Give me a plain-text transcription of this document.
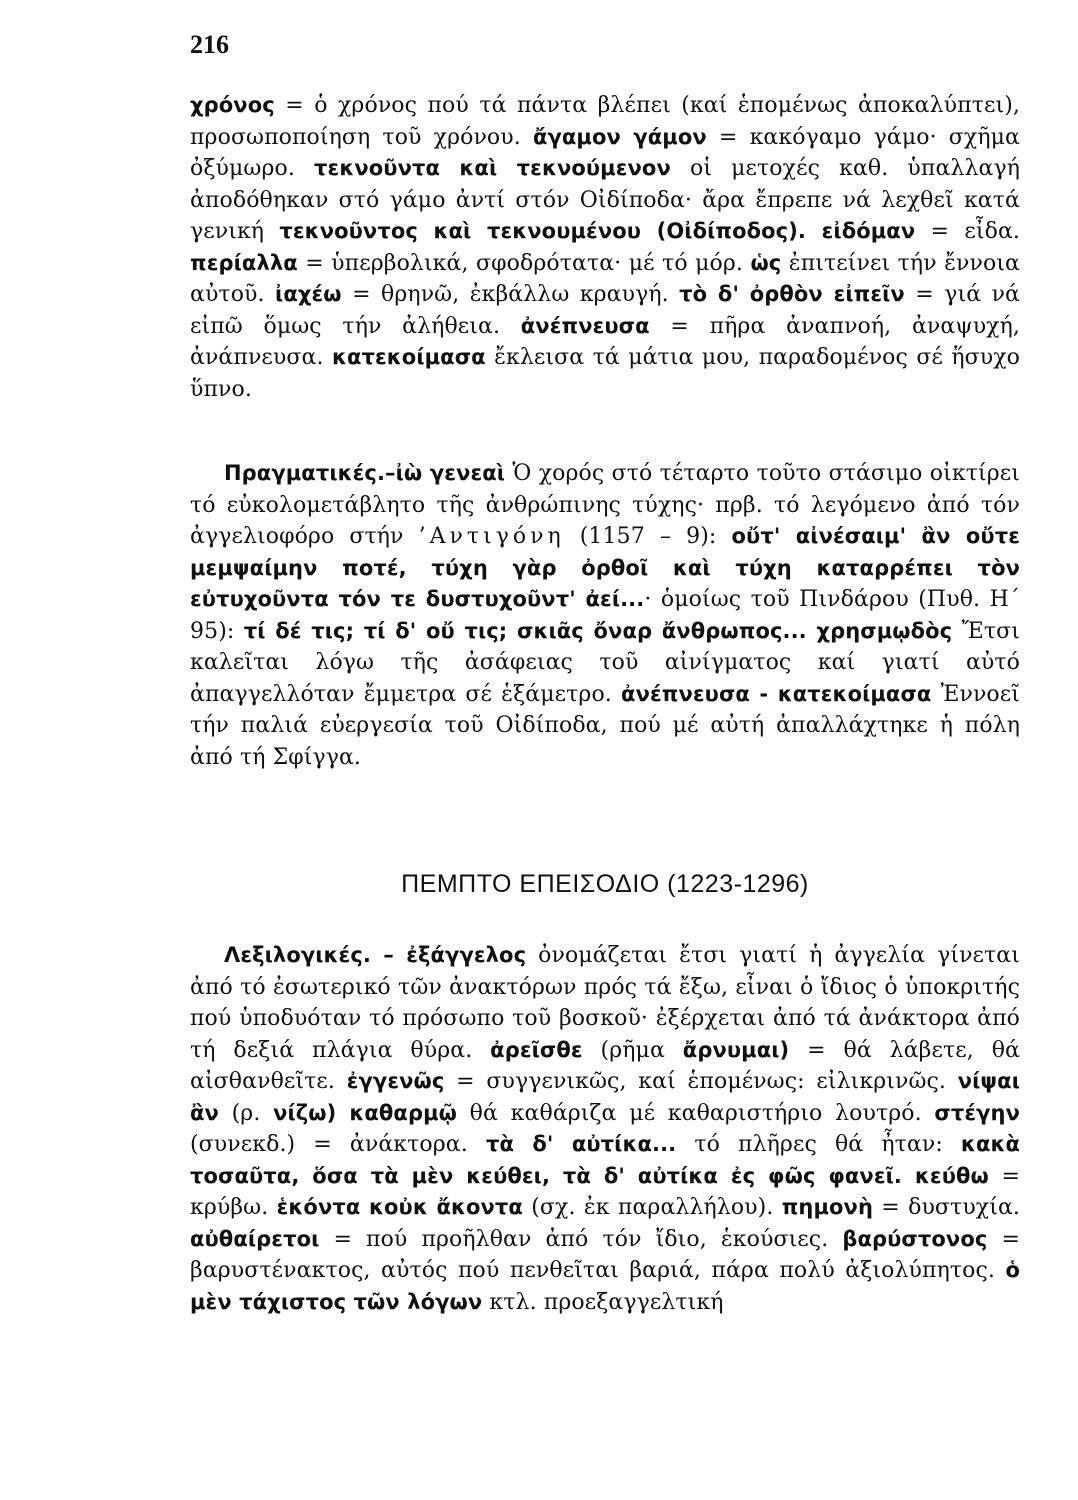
216

χρόνος = ὁ χρόνος πού τά πάντα βλέπει (καί ἑπομένως ἀποκαλύπτει), προσωποποίηση τοῦ χρόνου. ἄγαμον γάμον = κακόγαμο γάμο· σχῆμα ὀξύμωρο. τεκνοῦντα καὶ τεκνούμενον οἱ μετοχές καθ. ὑπαλλαγή ἀποδόθηκαν στό γάμο ἀντί στόν Οἰδίποδα· ἄρα ἔπρεπε νά λεχθεῖ κατά γενική τεκνοῦντος καὶ τεκνουμένου (Οἰδίποδος). εἰδόμαν = εἶδα. περίαλλα = ὑπερβολικά, σφοδρότατα· μέ τό μόρ. ὡς ἐπιτείνει τήν ἔννοια αὐτοῦ. ἰαχέω = θρηνῶ, ἐκβάλλω κραυγή. τὸ δ' ὀρθὸν εἰπεῖν = γιά νά εἰπῶ ὅμως τήν ἀλήθεια. ἀνέπνευσα = πῆρα ἀναπνοή, ἀναψυχή, ἀνάπνευσα. κατεκοίμασα ἔκλεισα τά μάτια μου, παραδομένος σέ ἥσυχο ὕπνο.

Πραγματικές.–ἰὼ γενεαὶ Ὁ χορός στό τέταρτο τοῦτο στάσιμο οἰκτίρει τό εὐκολομετάβλητο τῆς ἀνθρώπινης τύχης· πρβ. τό λεγόμενο ἀπό τόν ἀγγελιοφόρο στήν ’Αντιγόνη (1157 – 9): οὔτ' αἰνέσαιμ' ἂν οὔτε μεμψαίμην ποτέ, τύχη γὰρ ὀρθοῖ καὶ τύχη καταρρέπει τὸν εὐτυχοῦντα τόν τε δυστυχοῦντ' ἀεί...· ὁμοίως τοῦ Πινδάρου (Πυθ. Η΄ 95): τί δέ τις; τί δ' οὔ τις; σκιᾶς ὄναρ ἄνθρωπος... χρησμῳδὸς Ἔτσι καλεῖται λόγω τῆς ἀσάφειας τοῦ αἰνίγματος καί γιατί αὐτό ἀπαγγελλόταν ἔμμετρα σέ ἑξάμετρο. ἀνέπνευσα - κατεκοίμασα Ἐννοεῖ τήν παλιά εὐεργεσία τοῦ Οἰδίποδα, πού μέ αὐτή ἀπαλλάχτηκε ἡ πόλη ἀπό τή Σφίγγα.

ΠΕΜΠΤΟ ΕΠΕΙΣΟΔΙΟ (1223-1296)

Λεξιλογικές. – ἐξάγγελος ὀνομάζεται ἔτσι γιατί ἡ ἀγγελία γίνεται ἀπό τό ἐσωτερικό τῶν ἀνακτόρων πρός τά ἔξω, εἶναι ὁ ἴδιος ὁ ὑποκριτής πού ὑποδυόταν τό πρόσωπο τοῦ βοσκοῦ· ἐξέρχεται ἀπό τά ἀνάκτορα ἀπό τή δεξιά πλάγια θύρα. ἀρεῖσθε (ρῆμα ἄρνυμαι) = θά λάβετε, θά αἰσθανθεῖτε. ἐγγενῶς = συγγενικῶς, καί ἑπομένως: εἰλικρινῶς. νίψαι ἂν (ρ. νίζω) καθαρμῷ θά καθάριζα μέ καθαριστήριο λουτρό. στέγην (συνεκδ.) = ἀνάκτορα. τὰ δ' αὐτίκα... τό πλῆρες θά ἦταν: κακὰ τοσαῦτα, ὅσα τὰ μὲν κεύθει, τὰ δ' αὐτίκα ἐς φῶς φανεῖ. κεύθω = κρύβω. ἑκόντα κοὐκ ἄκοντα (σχ. ἐκ παραλλήλου). πημονὴ = δυστυχία. αὐθαίρετοι = πού προῆλθαν ἀπό τόν ἴδιο, ἑκούσιες. βαρύστονος = βαρυστένακτος, αὐτός πού πενθεῖται βαριά, πάρα πολύ ἀξιολύπητος. ὁ μὲν τάχιστος τῶν λόγων κτλ. προεξαγγελτική
